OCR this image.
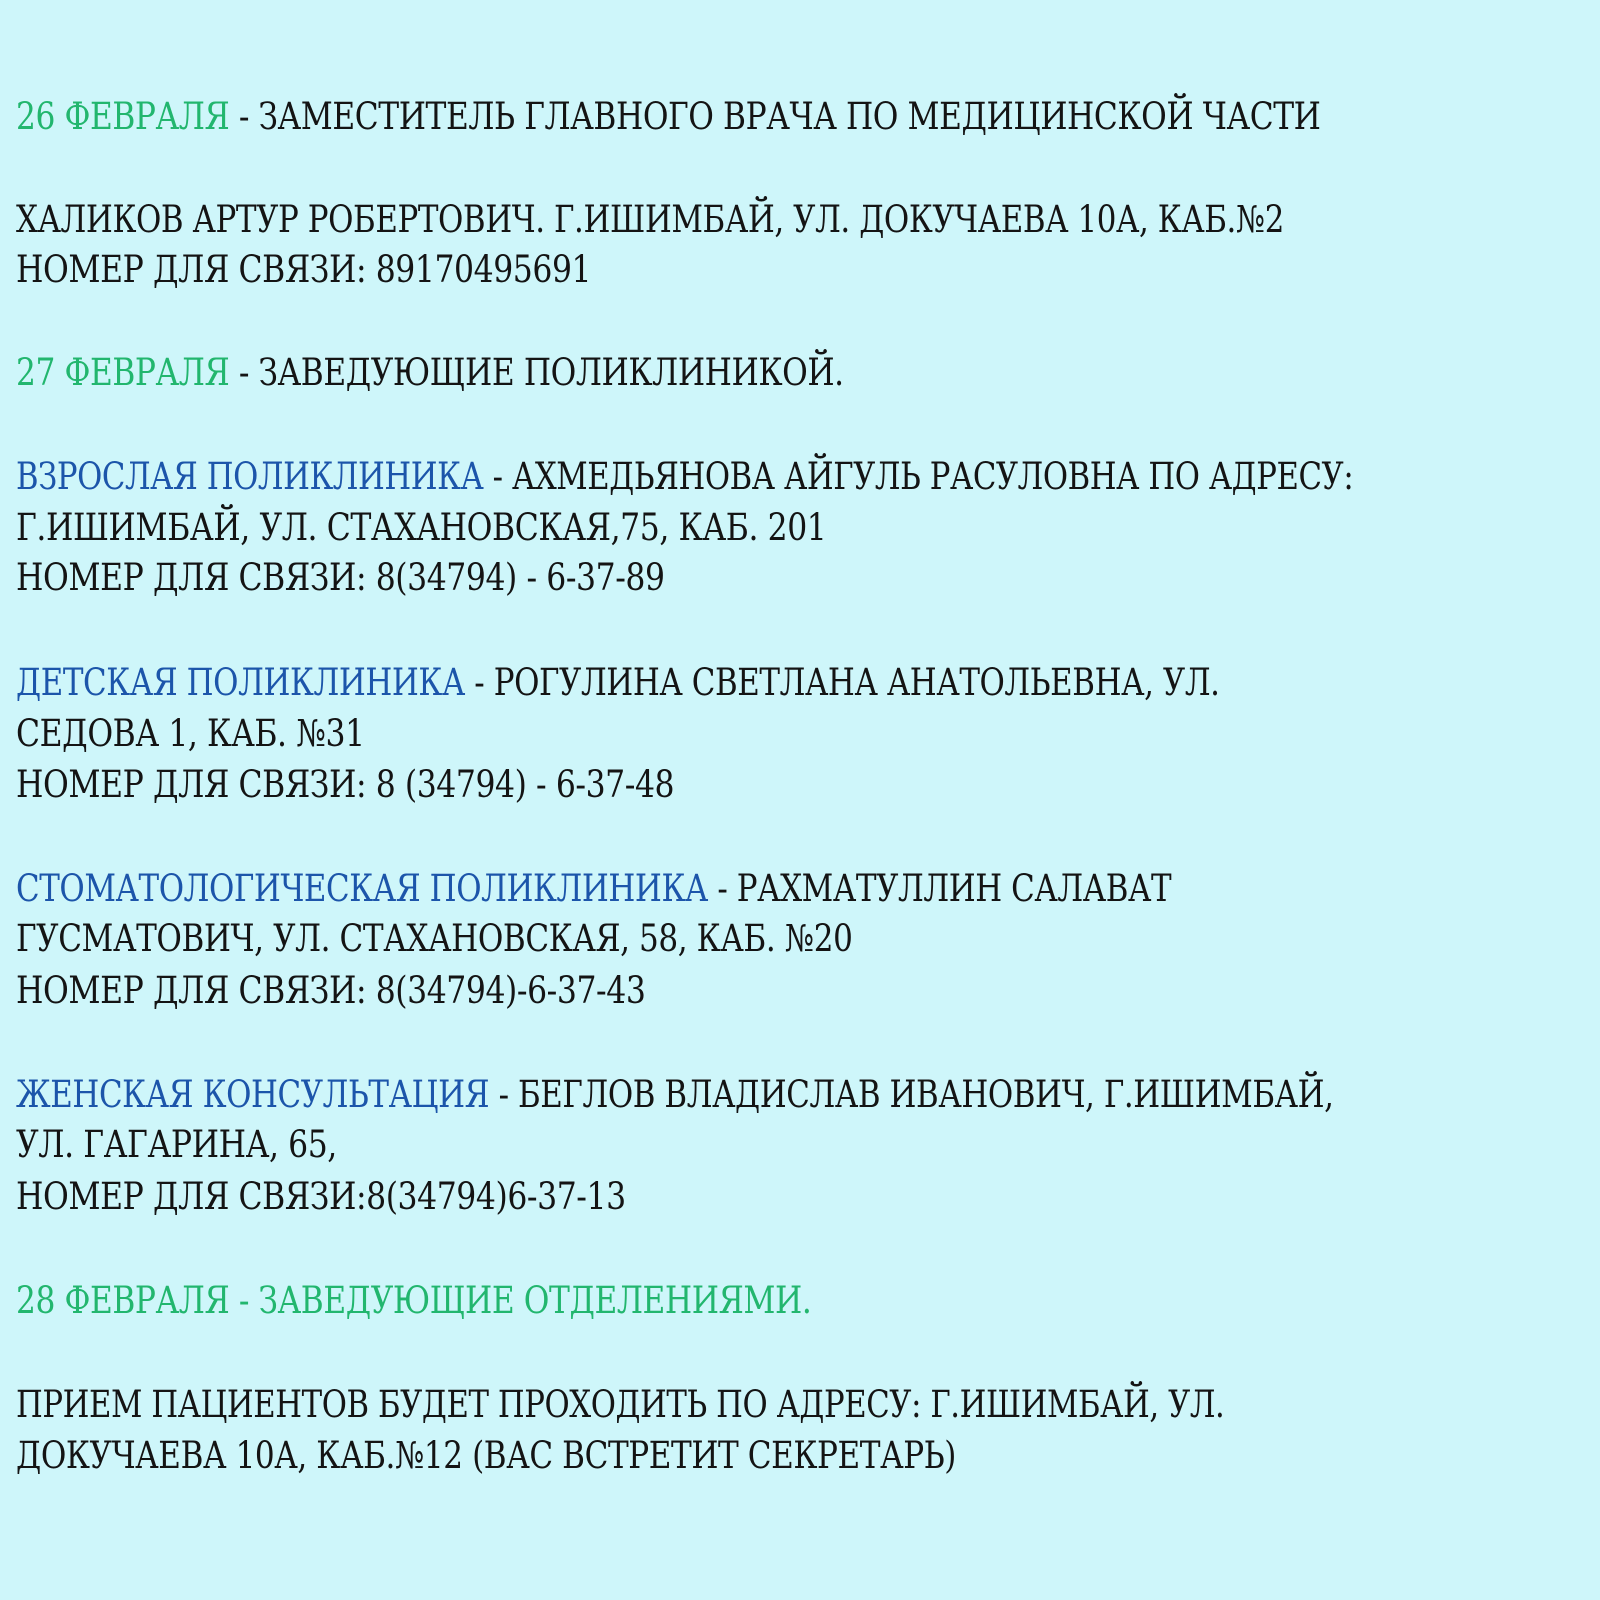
26 ФЕВРАЛЯ - ЗАМЕСТИТЕЛЬ ГЛАВНОГО ВРАЧА ПО МЕДИЦИНСКОЙ ЧАСТИ
ХАЛИКОВ АРТУР РОБЕРТОВИЧ. Г.ИШИМБАЙ, УЛ. ДОКУЧАЕВА 10А, КАБ.№2
НОМЕР ДЛЯ СВЯЗИ: 89170495691
27 ФЕВРАЛЯ - ЗАВЕДУЮЩИЕ ПОЛИКЛИНИКОЙ.
ВЗРОСЛАЯ ПОЛИКЛИНИКА - АХМЕДЬЯНОВА АЙГУЛЬ РАСУЛОВНА ПО АДРЕСУ:
Г.ИШИМБАЙ, УЛ. СТАХАНОВСКАЯ,75, КАБ. 201
НОМЕР ДЛЯ СВЯЗИ: 8(34794) - 6-37-89
ДЕТСКАЯ ПОЛИКЛИНИКА - РОГУЛИНА СВЕТЛАНА АНАТОЛЬЕВНА, УЛ.
СЕДОВА 1, КАБ. №31
НОМЕР ДЛЯ СВЯЗИ: 8 (34794) - 6-37-48
СТОМАТОЛОГИЧЕСКАЯ ПОЛИКЛИНИКА - РАХМАТУЛЛИН САЛАВАТ
ГУСМАТОВИЧ, УЛ. СТАХАНОВСКАЯ, 58, КАБ. №20
НОМЕР ДЛЯ СВЯЗИ: 8(34794)-6-37-43
ЖЕНСКАЯ КОНСУЛЬТАЦИЯ - БЕГЛОВ ВЛАДИСЛАВ ИВАНОВИЧ, Г.ИШИМБАЙ,
УЛ. ГАГАРИНА, 65,
НОМЕР ДЛЯ СВЯЗИ:8(34794)6-37-13
28 ФЕВРАЛЯ - ЗАВЕДУЮЩИЕ ОТДЕЛЕНИЯМИ.
ПРИЕМ ПАЦИЕНТОВ БУДЕТ ПРОХОДИТЬ ПО АДРЕСУ: Г.ИШИМБАЙ, УЛ.
ДОКУЧАЕВА 10А, КАБ.№12 (ВАС ВСТРЕТИТ СЕКРЕТАРЬ)
